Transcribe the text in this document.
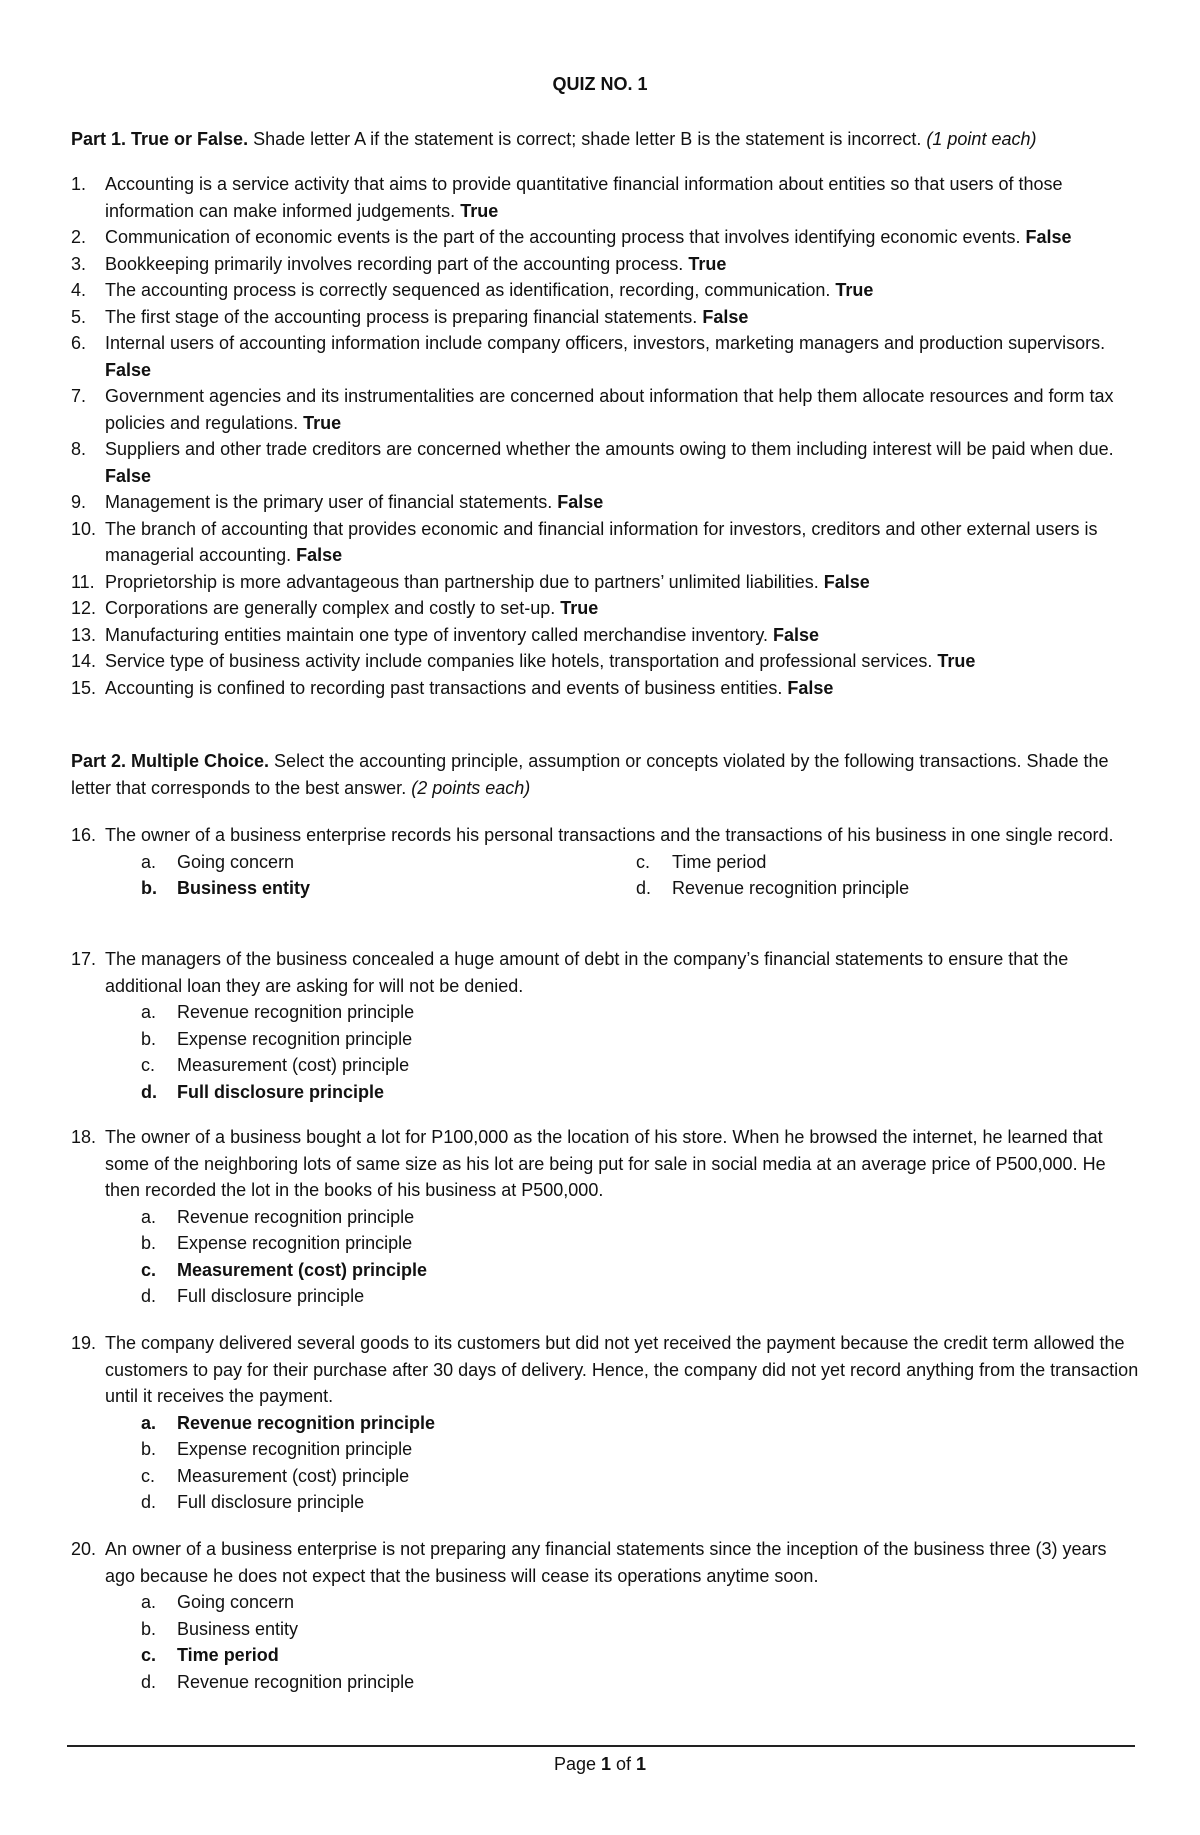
QUIZ NO. 1
Part 1. True or False. Shade letter A if the statement is correct; shade letter B is the statement is incorrect. (1 point each)
1. Accounting is a service activity that aims to provide quantitative financial information about entities so that users of those information can make informed judgements. True
2. Communication of economic events is the part of the accounting process that involves identifying economic events. False
3. Bookkeeping primarily involves recording part of the accounting process. True
4. The accounting process is correctly sequenced as identification, recording, communication. True
5. The first stage of the accounting process is preparing financial statements. False
6. Internal users of accounting information include company officers, investors, marketing managers and production supervisors. False
7. Government agencies and its instrumentalities are concerned about information that help them allocate resources and form tax policies and regulations. True
8. Suppliers and other trade creditors are concerned whether the amounts owing to them including interest will be paid when due. False
9. Management is the primary user of financial statements. False
10. The branch of accounting that provides economic and financial information for investors, creditors and other external users is managerial accounting. False
11. Proprietorship is more advantageous than partnership due to partners’ unlimited liabilities. False
12. Corporations are generally complex and costly to set-up. True
13. Manufacturing entities maintain one type of inventory called merchandise inventory. False
14. Service type of business activity include companies like hotels, transportation and professional services. True
15. Accounting is confined to recording past transactions and events of business entities. False
Part 2. Multiple Choice. Select the accounting principle, assumption or concepts violated by the following transactions. Shade the letter that corresponds to the best answer. (2 points each)
16. The owner of a business enterprise records his personal transactions and the transactions of his business in one single record.
a. Going concern	c. Time period
b. Business entity	d. Revenue recognition principle
17. The managers of the business concealed a huge amount of debt in the company’s financial statements to ensure that the additional loan they are asking for will not be denied.
a. Revenue recognition principle
b. Expense recognition principle
c. Measurement (cost) principle
d. Full disclosure principle
18. The owner of a business bought a lot for P100,000 as the location of his store. When he browsed the internet, he learned that some of the neighboring lots of same size as his lot are being put for sale in social media at an average price of P500,000. He then recorded the lot in the books of his business at P500,000.
a. Revenue recognition principle
b. Expense recognition principle
c. Measurement (cost) principle
d. Full disclosure principle
19. The company delivered several goods to its customers but did not yet received the payment because the credit term allowed the customers to pay for their purchase after 30 days of delivery. Hence, the company did not yet record anything from the transaction until it receives the payment.
a. Revenue recognition principle
b. Expense recognition principle
c. Measurement (cost) principle
d. Full disclosure principle
20. An owner of a business enterprise is not preparing any financial statements since the inception of the business three (3) years ago because he does not expect that the business will cease its operations anytime soon.
a. Going concern
b. Business entity
c. Time period
d. Revenue recognition principle
Page 1 of 1
